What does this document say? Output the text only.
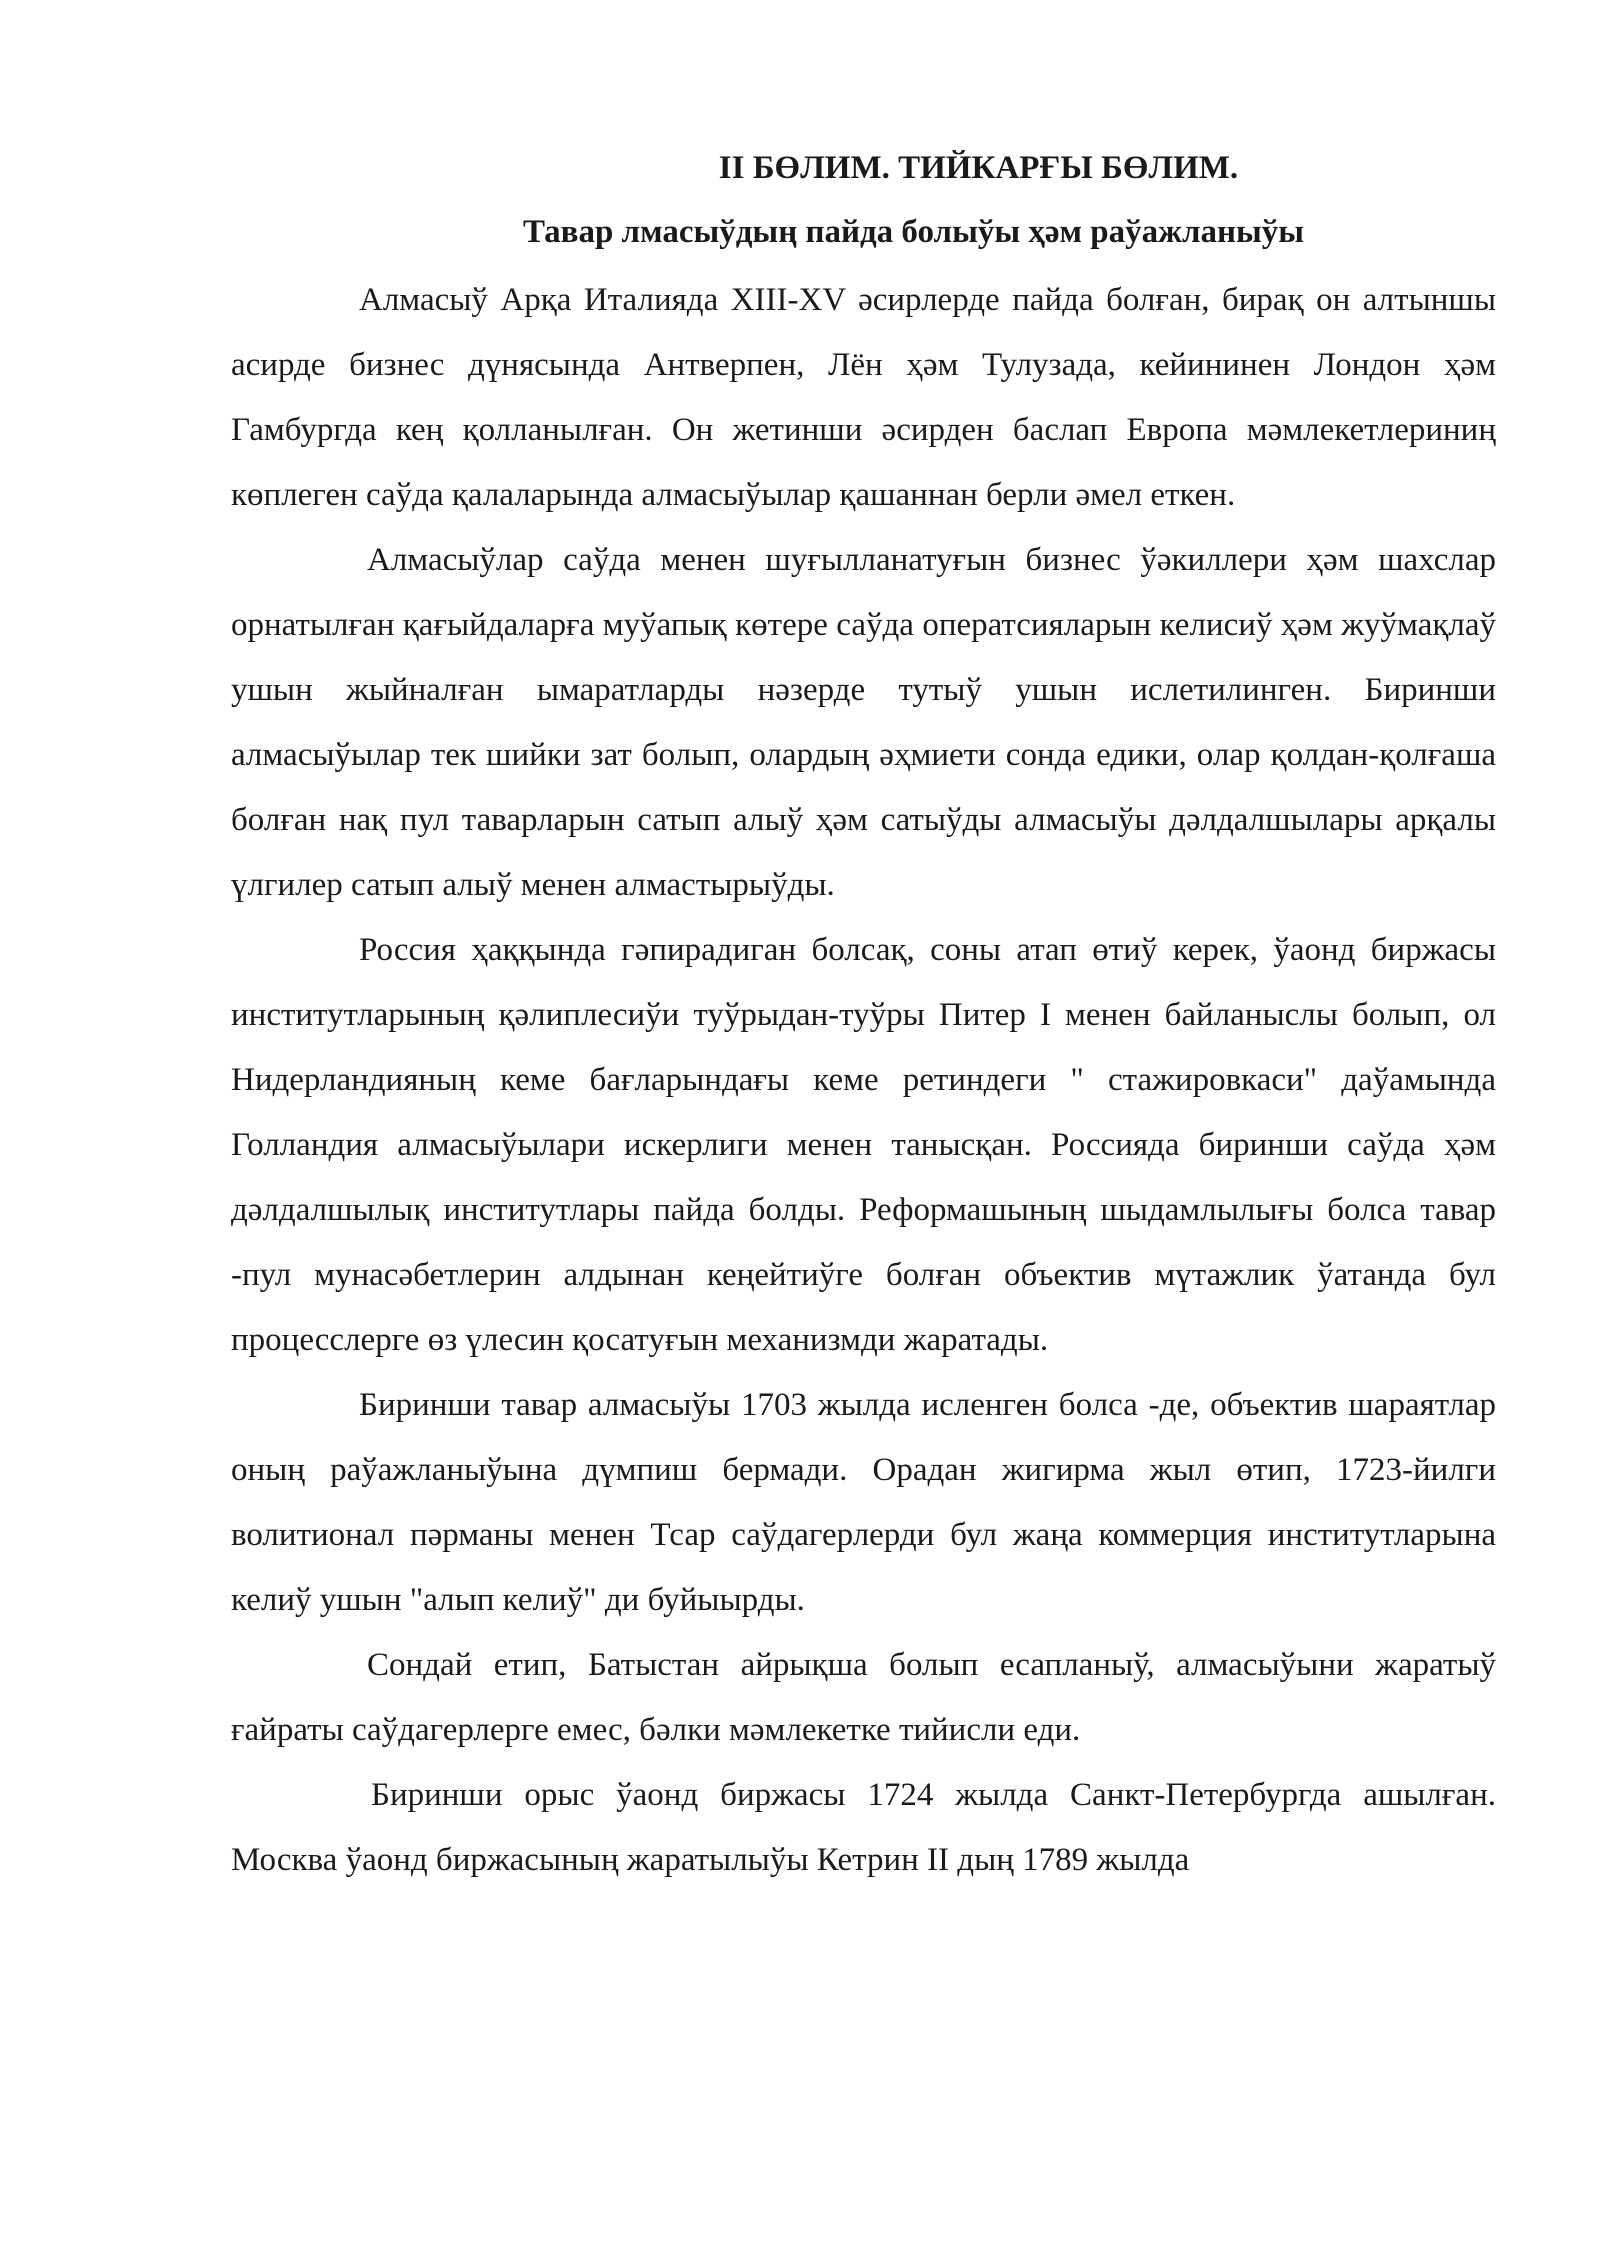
II БӨЛИМ. ТИЙКАРҒЫ БӨЛИМ.

Тавар лмасыўдың пайда болыўы ҳәм раўажланыўы

Алмасыў Арқа Италияда XIII-XV әсирлерде пайда болған, бирақ он алтыншы асирде бизнес дүнясында Антверпен, Лён ҳәм Тулузада, кейининен Лондон ҳәм Гамбургда кең қолланылған. Он жетинши әсирден баслап Европа мәмлекетлериниң көплеген саўда қалаларында алмасыўылар қашаннан берли әмел еткен.

Алмасыўлар саўда менен шуғылланатуғын бизнес ўәкиллери ҳәм шахслар орнатылған қағыйдаларға муўапық көтере саўда оператсияларын келисиў ҳәм жуўмақлаў ушын жыйналған ымаратларды нәзерде тутыў ушын ислетилинген. Биринши алмасыўылар тек шийки зат болып, олардың әҳмиети сонда едики, олар қолдан-қолғаша болған нақ пул таварларын сатып алыў ҳәм сатыўды алмасыўы дәлдалшылары арқалы үлгилер сатып алыў менен алмастырыўды.

Россия ҳаққында гәпирадиган болсақ, соны атап өтиў керек, ўаонд биржасы институтларының қәлиплесиўи туўрыдан-туўры Питер I менен байланыслы болып, ол Нидерландияның кеме бағларындағы кеме ретиндеги " стажировкаси" даўамында Голландия алмасыўылари искерлиги менен танысқан. Россияда биринши саўда ҳәм дәлдалшылық институтлары пайда болды. Реформашының шыдамлылығы болса тавар -пул мунасәбетлерин алдынан кеңейтиўге болған объектив мүтажлик ўатанда бул процесслерге өз үлесин қосатуғын механизмди жаратады.

Биринши тавар алмасыўы 1703 жылда исленген болса -де, объектив шараятлар оның раўажланыўына дүмпиш бермади. Орадан жигирма жыл өтип, 1723-йилги волитионал пәрманы менен Тсар саўдагерлерди бул жаңа коммерция институтларына келиў ушын "алып келиў" ди буйыырды.

Сондай етип, Батыстан айрықша болып есапланыў, алмасыўыни жаратыў ғайраты саўдагерлерге емес, бәлки мәмлекетке тийисли еди.

Биринши орыс ўаонд биржасы 1724 жылда Санкт-Петербургда ашылған. Москва ўаонд биржасының жаратылыўы Кетрин II дың 1789 жылда
